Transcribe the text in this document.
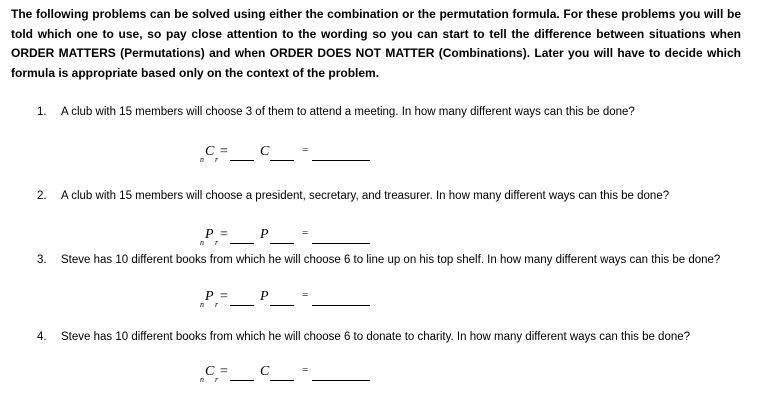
The following problems can be solved using either the combination or the permutation formula. For these problems you will be told which one to use, so pay close attention to the wording so you can start to tell the difference between situations when ORDER MATTERS (Permutations) and when ORDER DOES NOT MATTER (Combinations). Later you will have to decide which formula is appropriate based only on the context of the problem.
1.	A club with 15 members will choose 3 of them to attend a meeting. In how many different ways can this be done?
n
C
r
= C	=
2.	A club with 15 members will choose a president, secretary, and treasurer. In how many different ways can this be done?
n
P
r
= P	=
3.	Steve has 10 different books from which he will choose 6 to line up on his top shelf. In how many different ways can this be done?
n
P
r
= P	=
4.	Steve has 10 different books from which he will choose 6 to donate to charity. In how many different ways can this be done?
n
C
r
= C	=
